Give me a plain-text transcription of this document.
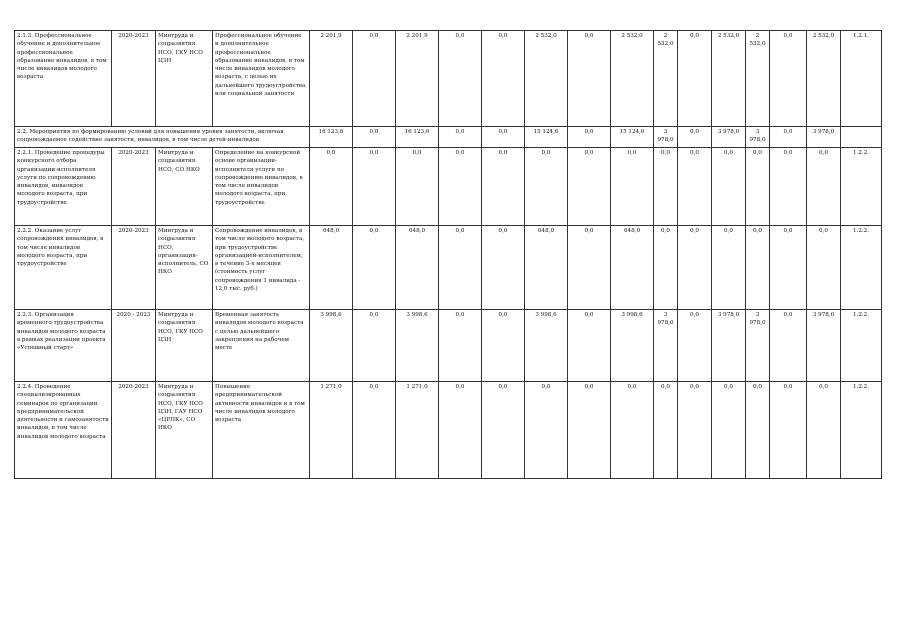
2.1.3. Профессиональное обучение и дополнительное профессиональное образование инвалидов, в том числе инвалидов молодого возраста	2020-2023	Минтруда и соцразвития НСО, ГКУ НСО ЦЗН	Профессиональное обучение и дополнительное профессиональное образование инвалидов, в том числе инвалидов молодого возраста, с целью их дальнейшего трудоустройства или социальной занятости	2 201,9	0,0	2 201,9	0,0	0,0	2 532,0	0,0	2 532,0	2 532,0	0,0	2 532,0	2 532,0	0,0	2 532,0	1.2.1.
2.2. Мероприятия по формированию условий для повышения уровня занятости, включая сопровождаемое содействие занятости, инвалидов, в том числе детей-инвалидов				16 123,6	0,0	16 123,6	0,0	0,0	15 124,6	0,0	15 124,6	3 978,0	0,0	3 978,0	3 978,0	0,0	3 978,0	
2.2.1. Проведение процедуры конкурсного отбора организации-исполнителя услуги по сопровождению инвалидов, инвалидов молодого возраста, при трудоустройстве	2020-2023	Минтруда и соцразвития НСО, СО НКО	Определение на конкурсной основе организации-исполнителя услуги по сопровождению инвалидов, в том числе инвалидов молодого возраста, при трудоустройстве	0,0	0,0	0,0	0,0	0,0	0,0	0,0	0,0	0,0	0,0	0,0	0,0	0,0	0,0	1.2.2.
2.2.2. Оказание услуг сопровождения инвалидов, в том числе инвалидов молодого возраста, при трудоустройстве	2020-2023	Минтруда и соцразвития НСО, организация-исполнитель, СО НКО	Сопровождение инвалидов, в том числе молодого возраста, при трудоустройстве организацией-исполнителем, в течение 3-х месяцев (стоимость услуг сопровождения 1 инвалида - 12,0 тыс. руб.)	648,0	0,0	648,0	0,0	0,0	648,0	0,0	648,0	0,0	0,0	0,0	0,0	0,0	0,0	1.2.2.
2.2.3. Организация временного трудоустройства инвалидов молодого возраста в рамках реализации проекта «Успешный старт»	2020 - 2023	Минтруда и соцразвития НСО, ГКУ НСО ЦЗН	Временная занятость инвалидов молодого возраста с целью дальнейшего закрепления на рабочем месте	3 998,6	0,0	3 998,6	0,0	0,0	3 998,6	0,0	3 998,6	3 978,0	0,0	3 978,0	3 978,0	0,0	3 978,0	1.2.2.
2.2.4. Проведение специализированных семинаров по организации предпринимательской деятельности и самозанятости инвалидов, в том числе инвалидов молодого возраста	2020-2023	Минтруда и соцразвития НСО, ГКУ НСО ЦЗН, ГАУ НСО «ЦРПК», СО НКО	Повышение предпринимательской активности инвалидов и в том числе инвалидов молодого возраста	1 271,0	0,0	1 271,0	0,0	0,0	0,0	0,0	0,0	0,0	0,0	0,0	0,0	0,0	0,0	1.2.2.
